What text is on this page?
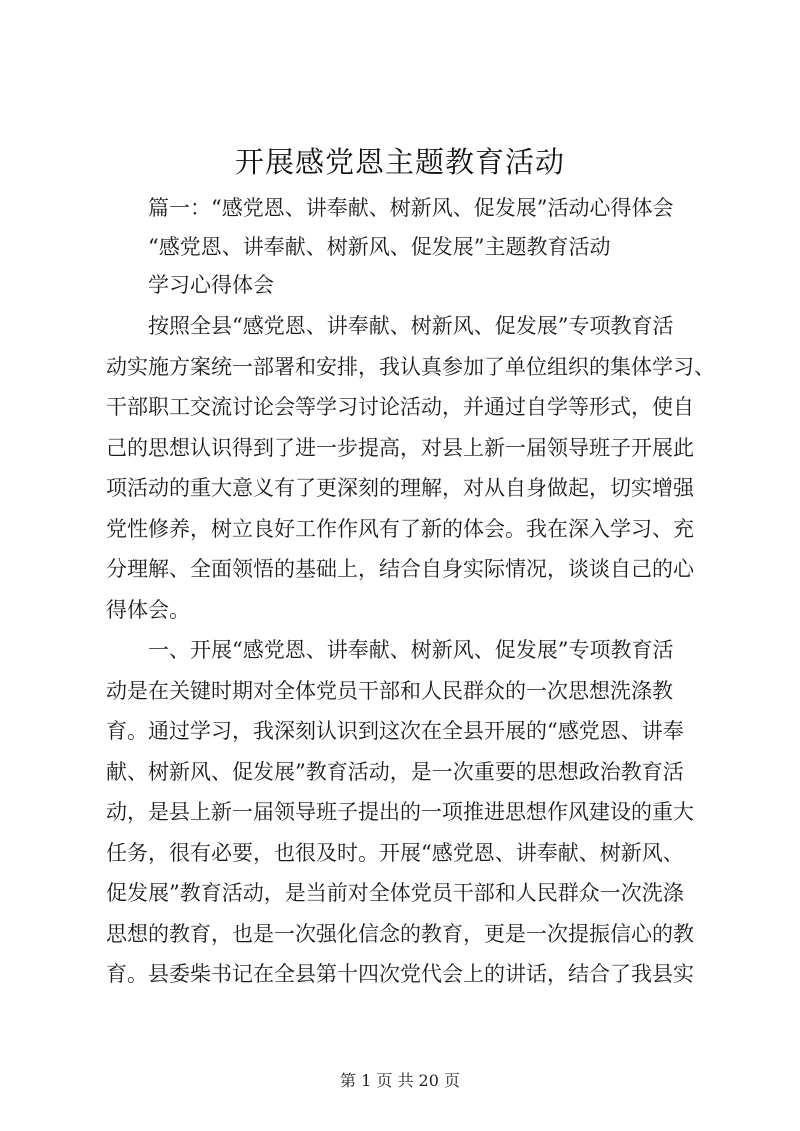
开展感党恩主题教育活动
篇一：“感党恩、讲奉献、树新风、促发展”活动心得体会
“感党恩、讲奉献、树新风、促发展”主题教育活动
学习心得体会
按照全县“感党恩、讲奉献、树新风、促发展”专项教育活
动实施方案统一部署和安排，我认真参加了单位组织的集体学习、
干部职工交流讨论会等学习讨论活动，并通过自学等形式，使自
己的思想认识得到了进一步提高，对县上新一届领导班子开展此
项活动的重大意义有了更深刻的理解，对从自身做起，切实增强
党性修养，树立良好工作作风有了新的体会。我在深入学习、充
分理解、全面领悟的基础上，结合自身实际情况，谈谈自己的心
得体会。
一、开展“感党恩、讲奉献、树新风、促发展”专项教育活
动是在关键时期对全体党员干部和人民群众的一次思想洗涤教
育。通过学习，我深刻认识到这次在全县开展的“感党恩、讲奉
献、树新风、促发展”教育活动，是一次重要的思想政治教育活
动，是县上新一届领导班子提出的一项推进思想作风建设的重大
任务，很有必要，也很及时。开展“感党恩、讲奉献、树新风、
促发展”教育活动，是当前对全体党员干部和人民群众一次洗涤
思想的教育，也是一次强化信念的教育，更是一次提振信心的教
育。县委柴书记在全县第十四次党代会上的讲话，结合了我县实
第 1 页 共 20 页
